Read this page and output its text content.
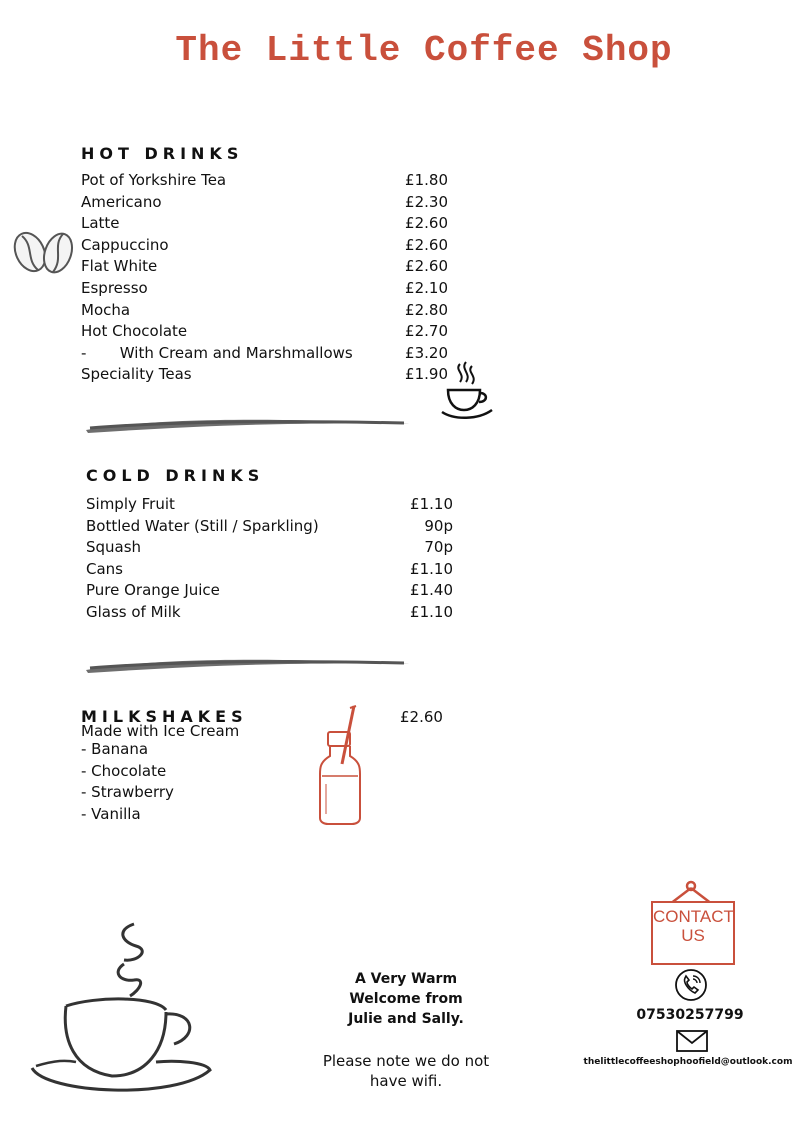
The Little Coffee Shop
HOT DRINKS
Pot of Yorkshire Tea	£1.80
Americano	£2.30
Latte	£2.60
Cappuccino	£2.60
Flat White	£2.60
Espresso	£2.10
Mocha	£2.80
Hot Chocolate	£2.70
-       With Cream and Marshmallows	£3.20
Speciality Teas	£1.90
COLD DRINKS
Simply Fruit	£1.10
Bottled Water (Still / Sparkling)	90p
Squash	70p
Cans	£1.10
Pure Orange Juice	£1.40
Glass of Milk	£1.10
MILKSHAKES	£2.60
Made with Ice Cream
- Banana
- Chocolate
- Strawberry
- Vanilla
A Very Warm
Welcome from
Julie and Sally.
Please note we do not
have wifi.
CONTACT
US
07530257799
thelittlecoffeeshophoofield@outlook.com
